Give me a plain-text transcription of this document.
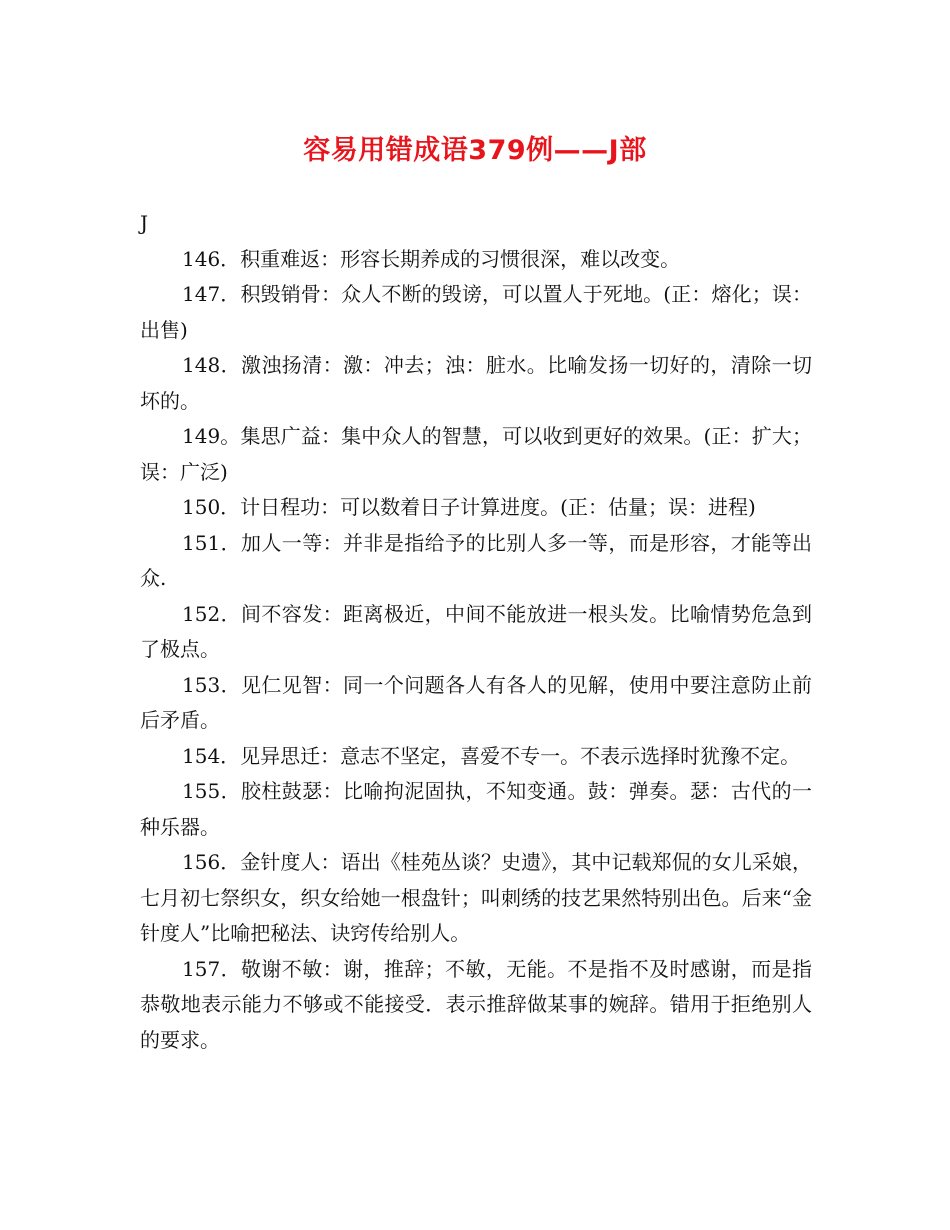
容易用错成语379例——J部

J

146．积重难返：形容长期养成的习惯很深，难以改变。

147．积毁销骨：众人不断的毁谤，可以置人于死地。(正：熔化；误：出售)

148．激浊扬清：激：冲去；浊：脏水。比喻发扬一切好的，清除一切坏的。

149。集思广益：集中众人的智慧，可以收到更好的效果。(正：扩大；误：广泛)

150．计日程功：可以数着日子计算进度。(正：估量；误：进程)

151．加人一等：并非是指给予的比别人多一等，而是形容，才能等出众.

152．间不容发：距离极近，中间不能放进一根头发。比喻情势危急到了极点。

153．见仁见智：同一个问题各人有各人的见解，使用中要注意防止前后矛盾。

154．见异思迁：意志不坚定，喜爱不专一。不表示选择时犹豫不定。

155．胶柱鼓瑟：比喻拘泥固执，不知变通。鼓：弹奏。瑟：古代的一种乐器。

156．金针度人：语出《桂苑丛谈？史遗》，其中记载郑侃的女儿采娘，七月初七祭织女，织女给她一根盘针；叫刺绣的技艺果然特别出色。后来“金针度人”比喻把秘法、诀窍传给别人。

157．敬谢不敏：谢，推辞；不敏，无能。不是指不及时感谢，而是指恭敬地表示能力不够或不能接受．表示推辞做某事的婉辞。错用于拒绝别人的要求。
